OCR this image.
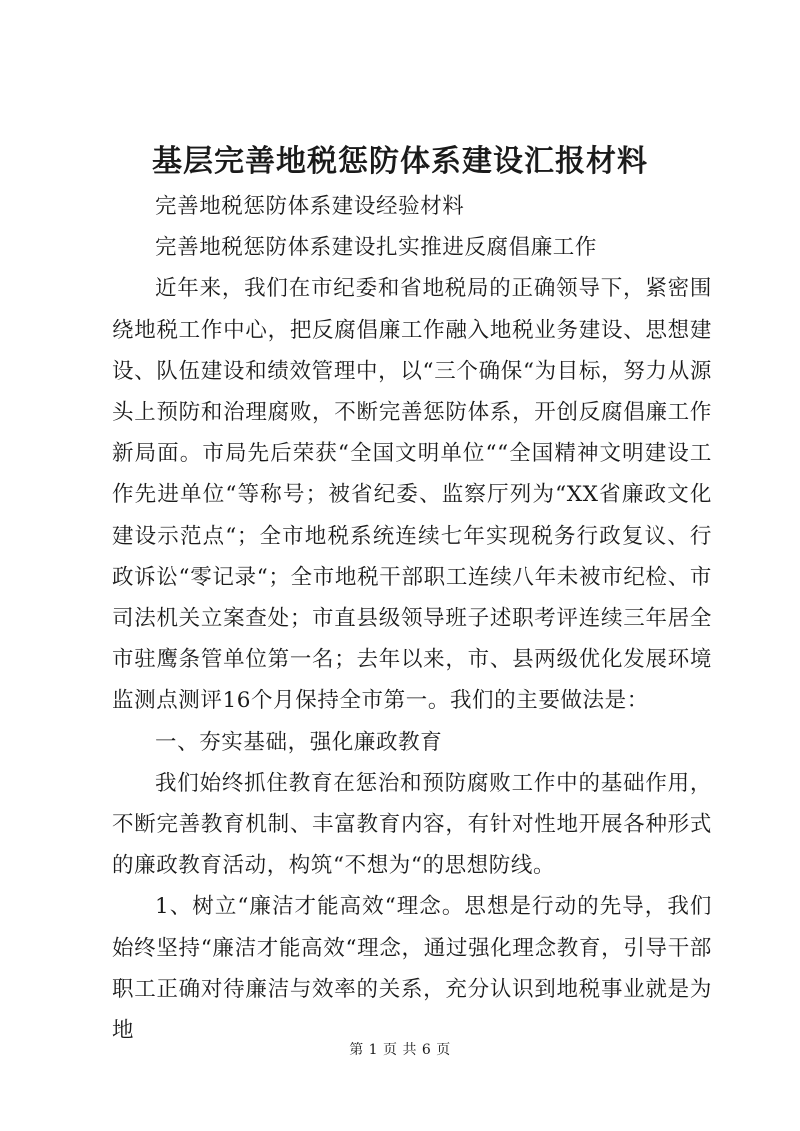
基层完善地税惩防体系建设汇报材料

完善地税惩防体系建设经验材料

完善地税惩防体系建设扎实推进反腐倡廉工作

近年来，我们在市纪委和省地税局的正确领导下，紧密围绕地税工作中心，把反腐倡廉工作融入地税业务建设、思想建设、队伍建设和绩效管理中，以“三个确保“为目标，努力从源头上预防和治理腐败，不断完善惩防体系，开创反腐倡廉工作新局面。市局先后荣获“全国文明单位““全国精神文明建设工作先进单位“等称号；被省纪委、监察厅列为“XX省廉政文化建设示范点“；全市地税系统连续七年实现税务行政复议、行政诉讼“零记录“；全市地税干部职工连续八年未被市纪检、市司法机关立案查处；市直县级领导班子述职考评连续三年居全市驻鹰条管单位第一名；去年以来，市、县两级优化发展环境监测点测评16个月保持全市第一。我们的主要做法是：

一、夯实基础，强化廉政教育

我们始终抓住教育在惩治和预防腐败工作中的基础作用，不断完善教育机制、丰富教育内容，有针对性地开展各种形式的廉政教育活动，构筑“不想为“的思想防线。

1、树立“廉洁才能高效“理念。思想是行动的先导，我们始终坚持“廉洁才能高效“理念，通过强化理念教育，引导干部职工正确对待廉洁与效率的关系，充分认识到地税事业就是为地

第 1 页 共 6 页
